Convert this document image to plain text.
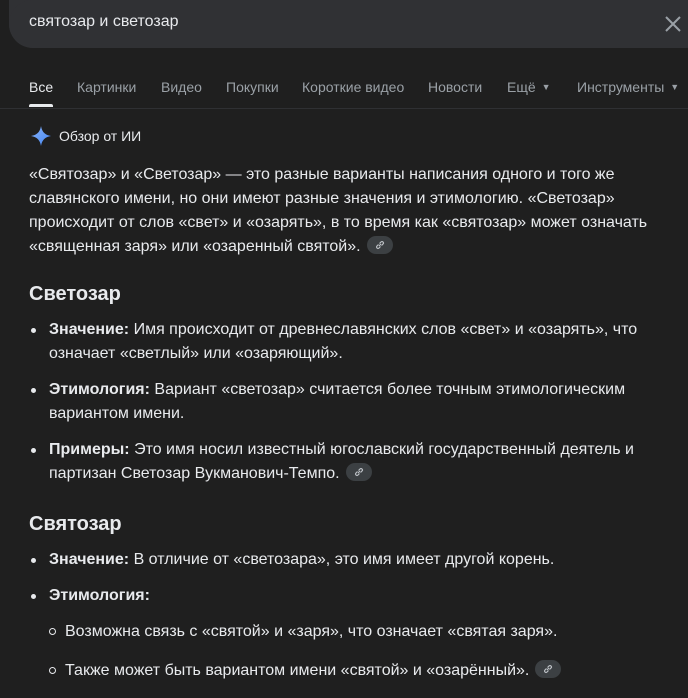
святозар и светозар
Все Картинки Видео Покупки Короткие видео Новости Ещё ▼ Инструменты ▼
Обзор от ИИ

«Святозар» и «Светозар» — это разные варианты написания одного и того же славянского имени, но они имеют разные значения и этимологию. «Светозар» происходит от слов «свет» и «озарять», в то время как «святозар» может означать «священная заря» или «озаренный святой».

Светозар
Значение: Имя происходит от древнеславянских слов «свет» и «озарять», что означает «светлый» или «озаряющий».
Этимология: Вариант «светозар» считается более точным этимологическим вариантом имени.
Примеры: Это имя носил известный югославский государственный деятель и партизан Светозар Вукманович-Темпо.
Святозар
Значение: В отличие от «светозара», это имя имеет другой корень.
Этимология:
Возможна связь с «святой» и «заря», что означает «святая заря».
Также может быть вариантом имени «святой» и «озарённый».
